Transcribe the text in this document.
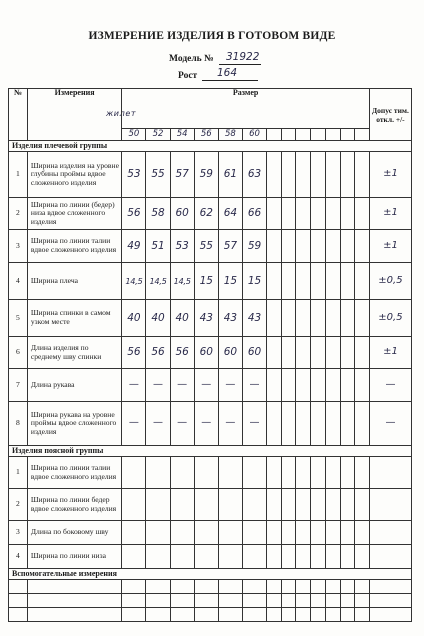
ИЗМЕРЕНИЕ ИЗДЕЛИЯ В ГОТОВОМ ВИДЕ
Модель № 31922
Рост 164
жилет
№	Измерения	Размер													Допус тим. откл. +/-
		50	52	54	56	58	60								
Изделия плечевой группы															
1	Ширина изделия на уровне глубины проймы вдвое сложенного изделия	53	55	57	59	61	63								±1
2	Ширина по линии (бедер) низа вдвое сложенного изделия	56	58	60	62	64	66								±1
3	Ширина по линии талии вдвое сложенного изделия	49	51	53	55	57	59								±1
4	Ширина плеча	14,5	14,5	14,5	15	15	15								±0,5
5	Ширина спинки в самом узком месте	40	40	40	43	43	43								±0,5
6	Длина изделия по среднему шву спинки	56	56	56	60	60	60								±1
7	Длина рукава	—	—	—	—	—	—								—
8	Ширина рукава на уровне проймы вдвое сложенного изделия	—	—	—	—	—	—								—
Изделия поясной группы															
1	Ширина по линии талии вдвое сложенного изделия														
2	Ширина по линии бедер вдвое сложенного изделия														
3	Длина по боковому шву														
4	Ширина по линии низа														
Вспомогательные измерения															
